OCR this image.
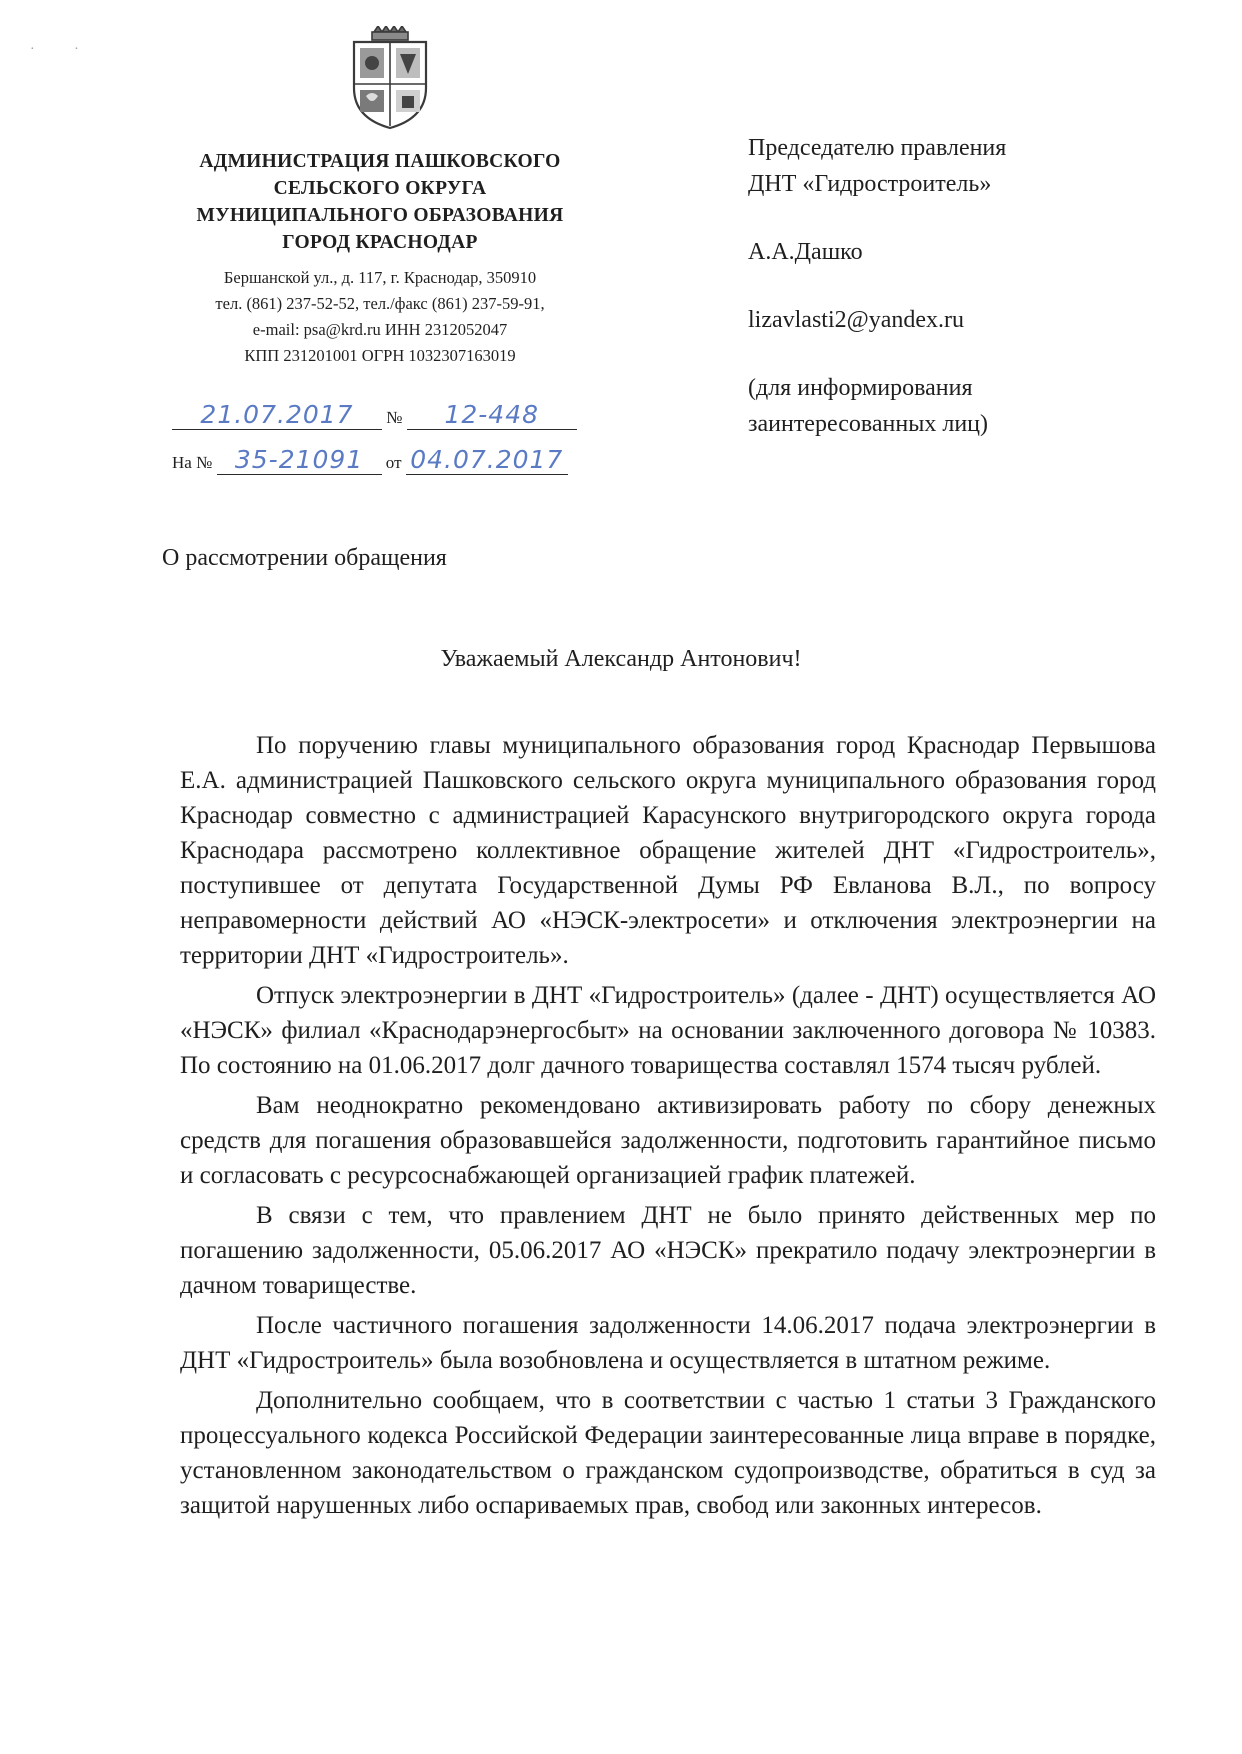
· ·
АДМИНИСТРАЦИЯ ПАШКОВСКОГО
СЕЛЬСКОГО ОКРУГА
МУНИЦИПАЛЬНОГО ОБРАЗОВАНИЯ
ГОРОД КРАСНОДАР
Бершанской ул., д. 117, г. Краснодар, 350910
тел. (861) 237-52-52, тел./факс (861) 237-59-91,
e-mail: psa@krd.ru ИНН 2312052047
КПП 231201001 ОГРН 1032307163019
21.07.2017 № 12-448
На № 35-21091 от 04.07.2017
Председателю правления
ДНТ «Гидростроитель»
А.А.Дашко
lizavlasti2@yandex.ru
(для информирования
заинтересованных лиц)
О рассмотрении обращения
Уважаемый Александр Антонович!

По поручению главы муниципального образования город Краснодар Первышова Е.А. администрацией Пашковского сельского округа муниципального образования город Краснодар совместно с администрацией Карасунского внутригородского округа города Краснодара рассмотрено коллективное обращение жителей ДНТ «Гидростроитель», поступившее от депутата Государственной Думы РФ Евланова В.Л., по вопросу неправомерности действий АО «НЭСК-электросети» и отключения электроэнергии на территории ДНТ «Гидростроитель».

Отпуск электроэнергии в ДНТ «Гидростроитель» (далее - ДНТ) осуществляется АО «НЭСК» филиал «Краснодарэнергосбыт» на основании заключенного договора № 10383. По состоянию на 01.06.2017 долг дачного товарищества составлял 1574 тысяч рублей.

Вам неоднократно рекомендовано активизировать работу по сбору денежных средств для погашения образовавшейся задолженности, подготовить гарантийное письмо и согласовать с ресурсоснабжающей организацией график платежей.

В связи с тем, что правлением ДНТ не было принято действенных мер по погашению задолженности, 05.06.2017 АО «НЭСК» прекратило подачу электроэнергии в дачном товариществе.

После частичного погашения задолженности 14.06.2017 подача электроэнергии в ДНТ «Гидростроитель» была возобновлена и осуществляется в штатном режиме.

Дополнительно сообщаем, что в соответствии с частью 1 статьи 3 Гражданского процессуального кодекса Российской Федерации заинтересованные лица вправе в порядке, установленном законодательством о гражданском судопроизводстве, обратиться в суд за защитой нарушенных либо оспариваемых прав, свобод или законных интересов.
